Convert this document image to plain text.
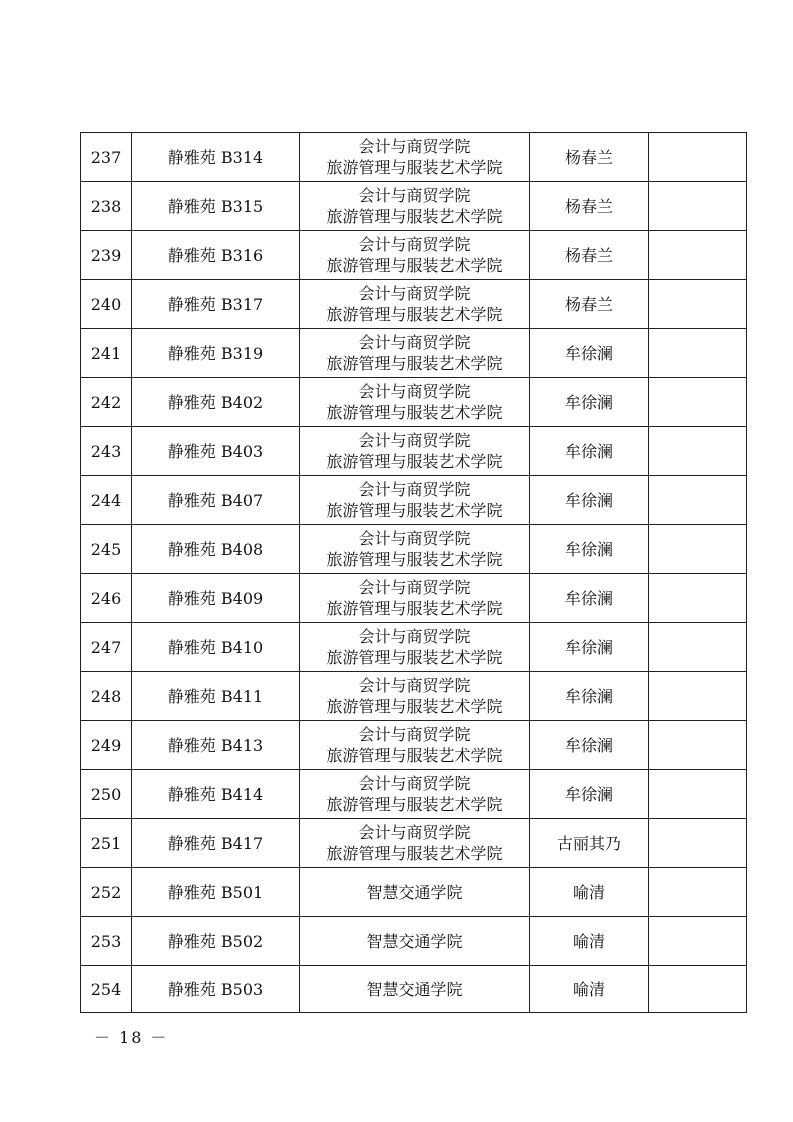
237	静雅苑 B314	会计与商贸学院
旅游管理与服装艺术学院	杨春兰	
238	静雅苑 B315	会计与商贸学院
旅游管理与服装艺术学院	杨春兰	
239	静雅苑 B316	会计与商贸学院
旅游管理与服装艺术学院	杨春兰	
240	静雅苑 B317	会计与商贸学院
旅游管理与服装艺术学院	杨春兰	
241	静雅苑 B319	会计与商贸学院
旅游管理与服装艺术学院	牟徐澜	
242	静雅苑 B402	会计与商贸学院
旅游管理与服装艺术学院	牟徐澜	
243	静雅苑 B403	会计与商贸学院
旅游管理与服装艺术学院	牟徐澜	
244	静雅苑 B407	会计与商贸学院
旅游管理与服装艺术学院	牟徐澜	
245	静雅苑 B408	会计与商贸学院
旅游管理与服装艺术学院	牟徐澜	
246	静雅苑 B409	会计与商贸学院
旅游管理与服装艺术学院	牟徐澜	
247	静雅苑 B410	会计与商贸学院
旅游管理与服装艺术学院	牟徐澜	
248	静雅苑 B411	会计与商贸学院
旅游管理与服装艺术学院	牟徐澜	
249	静雅苑 B413	会计与商贸学院
旅游管理与服装艺术学院	牟徐澜	
250	静雅苑 B414	会计与商贸学院
旅游管理与服装艺术学院	牟徐澜	
251	静雅苑 B417	会计与商贸学院
旅游管理与服装艺术学院	古丽其乃	
252	静雅苑 B501	智慧交通学院	喻清	
253	静雅苑 B502	智慧交通学院	喻清	
254	静雅苑 B503	智慧交通学院	喻清	
－ 18 －
